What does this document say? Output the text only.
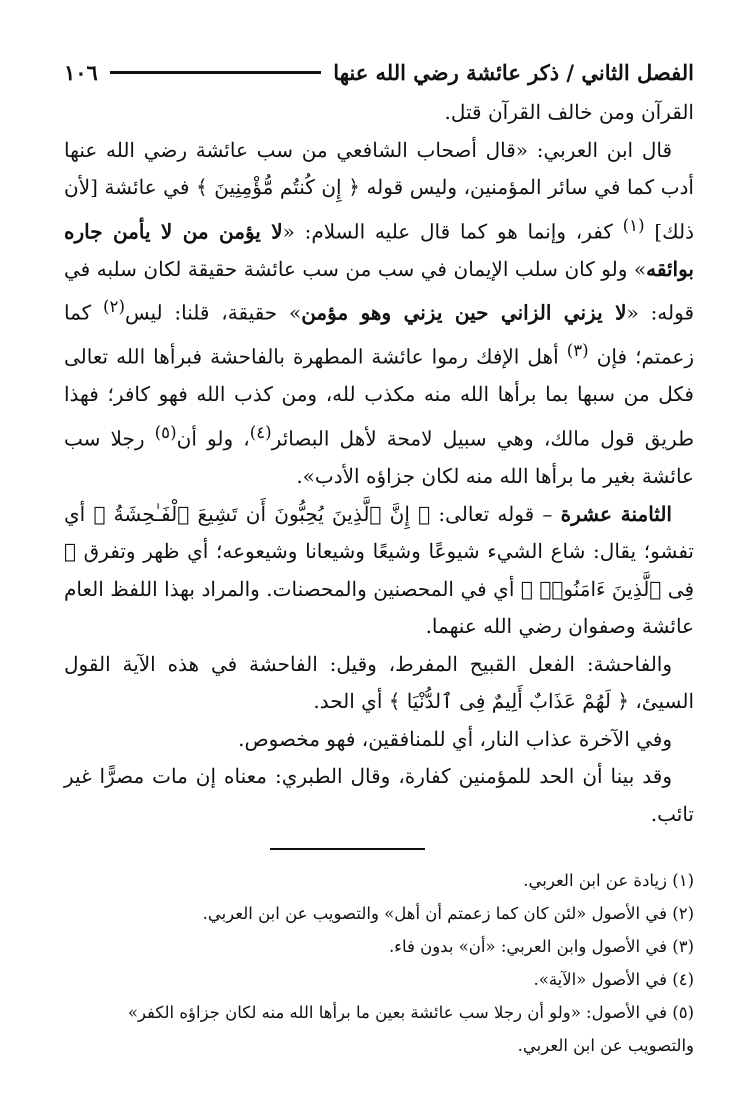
الفصل الثاني / ذكر عائشة رضي الله عنها
١٠٦

القرآن ومن خالف القرآن قتل.

قال ابن العربي: «قال أصحاب الشافعي من سب عائشة رضي الله عنها أدب كما في سائر المؤمنين، وليس قوله ﴿ إِن كُنتُم مُّؤْمِنِينَ ﴾ في عائشة [لأن ذلك] $^{(١)}$ كفر، وإنما هو كما قال عليه السلام: «لا يؤمن من لا يأمن جاره بوائقه» ولو كان سلب الإيمان في سب من سب عائشة حقيقة لكان سلبه في قوله: «لا يزني الزاني حين يزني وهو مؤمن» حقيقة، قلنا: ليس$^{(٢)}$ كما زعمتم؛ فإن $^{(٣)}$ أهل الإفك رموا عائشة المطهرة بالفاحشة فبرأها الله تعالى فكل من سبها بما برأها الله منه مكذب لله، ومن كذب الله فهو كافر؛ فهذا طريق قول مالك، وهي سبيل لامحة لأهل البصائر$^{(٤)}$، ولو أن$^{(٥)}$ رجلا سب عائشة بغير ما برأها الله منه لكان جزاؤه الأدب».

الثامنة عشرة – قوله تعالى: ﴿ إِنَّ ٱلَّذِينَ يُحِبُّونَ أَن تَشِيعَ ٱلْفَـٰحِشَةُ ﴾ أي تفشو؛ يقال: شاع الشيء شيوعًا وشيعًا وشيعانا وشيعوعه؛ أي ظهر وتفرق ﴿ فِى ٱلَّذِينَ ءَامَنُوا۟ ﴾ أي في المحصنين والمحصنات. والمراد بهذا اللفظ العام عائشة وصفوان رضي الله عنهما.

والفاحشة: الفعل القبيح المفرط، وقيل: الفاحشة في هذه الآية القول السيئ، ﴿ لَهُمْ عَذَابٌ أَلِيمٌ فِى ٱلدُّنْيَا ﴾ أي الحد.

وفي الآخرة عذاب النار، أي للمنافقين، فهو مخصوص.

وقد بينا أن الحد للمؤمنين كفارة، وقال الطبري: معناه إن مات مصرًّا غير تائب.

(١) زيادة عن ابن العربي.

(٢) في الأصول «لئن كان كما زعمتم أن أهل» والتصويب عن ابن العربي.

(٣) في الأصول وابن العربي: «أن» بدون فاء.

(٤) في الأصول «الآية».

(٥) في الأصول: «ولو أن رجلا سب عائشة بعين ما برأها الله منه لكان جزاؤه الكفر» والتصويب عن ابن العربي.
